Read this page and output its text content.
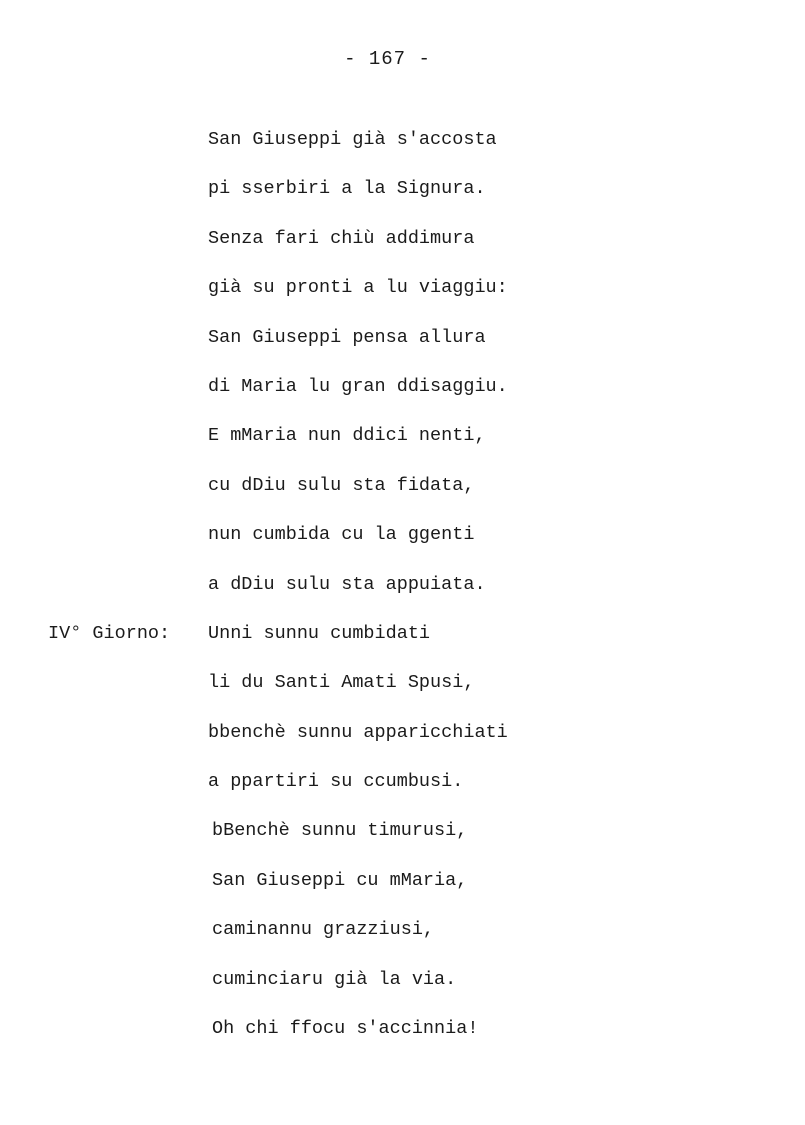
- 167 -
San Giuseppi già s'accosta
pi sserbiri a la Signura.
Senza fari chiù addimura
già su pronti a lu viaggiu:
San Giuseppi pensa allura
di Maria lu gran ddisaggiu.
E mMaria nun ddici nenti,
cu dDiu sulu sta fidata,
nun cumbida cu la ggenti
a dDiu sulu sta appuiata.

IV° Giorno:

Unni sunnu cumbidati

li du Santi Amati Spusi,
bbenchè sunnu apparicchiati
a ppartiri su ccumbusi.
bBenchè sunnu timurusi,
San Giuseppi cu mMaria,
caminannu grazziusi,
cuminciaru già la via.
Oh chi ffocu s'accinnia!
